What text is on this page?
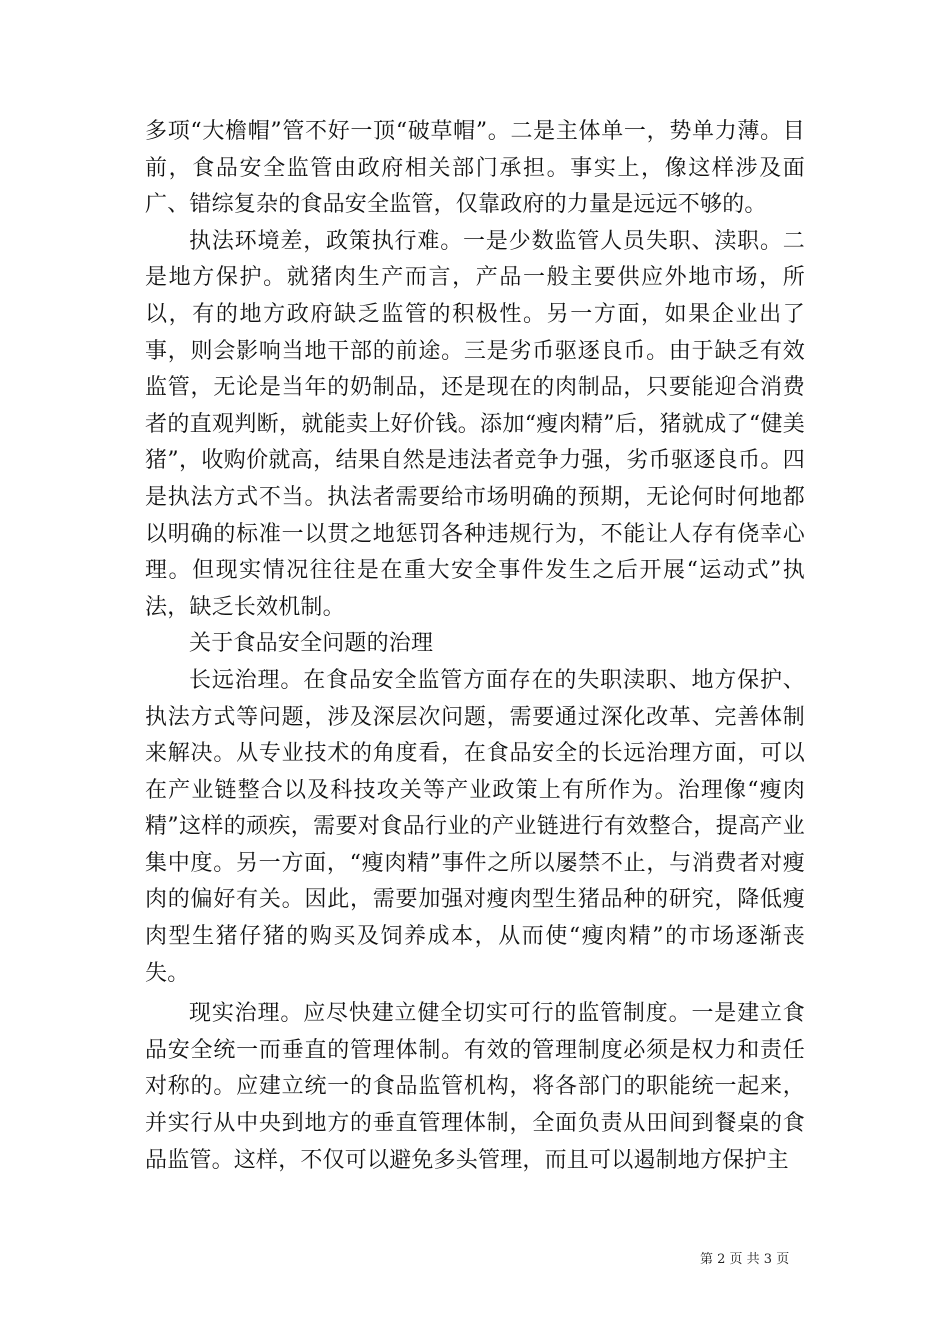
多项“大檐帽”管不好一顶“破草帽”。二是主体单一，势单力薄。目前，食品安全监管由政府相关部门承担。事实上，像这样涉及面广、错综复杂的食品安全监管，仅靠政府的力量是远远不够的。

执法环境差，政策执行难。一是少数监管人员失职、渎职。二是地方保护。就猪肉生产而言，产品一般主要供应外地市场，所以，有的地方政府缺乏监管的积极性。另一方面，如果企业出了事，则会影响当地干部的前途。三是劣币驱逐良币。由于缺乏有效监管，无论是当年的奶制品，还是现在的肉制品，只要能迎合消费者的直观判断，就能卖上好价钱。添加“瘦肉精”后，猪就成了“健美猪”，收购价就高，结果自然是违法者竞争力强，劣币驱逐良币。四是执法方式不当。执法者需要给市场明确的预期，无论何时何地都以明确的标准一以贯之地惩罚各种违规行为，不能让人存有侥幸心理。但现实情况往往是在重大安全事件发生之后开展“运动式”执法，缺乏长效机制。

关于食品安全问题的治理

长远治理。在食品安全监管方面存在的失职渎职、地方保护、执法方式等问题，涉及深层次问题，需要通过深化改革、完善体制来解决。从专业技术的角度看，在食品安全的长远治理方面，可以在产业链整合以及科技攻关等产业政策上有所作为。治理像“瘦肉精”这样的顽疾，需要对食品行业的产业链进行有效整合，提高产业集中度。另一方面，“瘦肉精”事件之所以屡禁不止，与消费者对瘦肉的偏好有关。因此，需要加强对瘦肉型生猪品种的研究，降低瘦肉型生猪仔猪的购买及饲养成本，从而使“瘦肉精”的市场逐渐丧失。

现实治理。应尽快建立健全切实可行的监管制度。一是建立食品安全统一而垂直的管理体制。有效的管理制度必须是权力和责任对称的。应建立统一的食品监管机构，将各部门的职能统一起来，并实行从中央到地方的垂直管理体制，全面负责从田间到餐桌的食品监管。这样，不仅可以避免多头管理，而且可以遏制地方保护主

第 2 页 共 3 页
